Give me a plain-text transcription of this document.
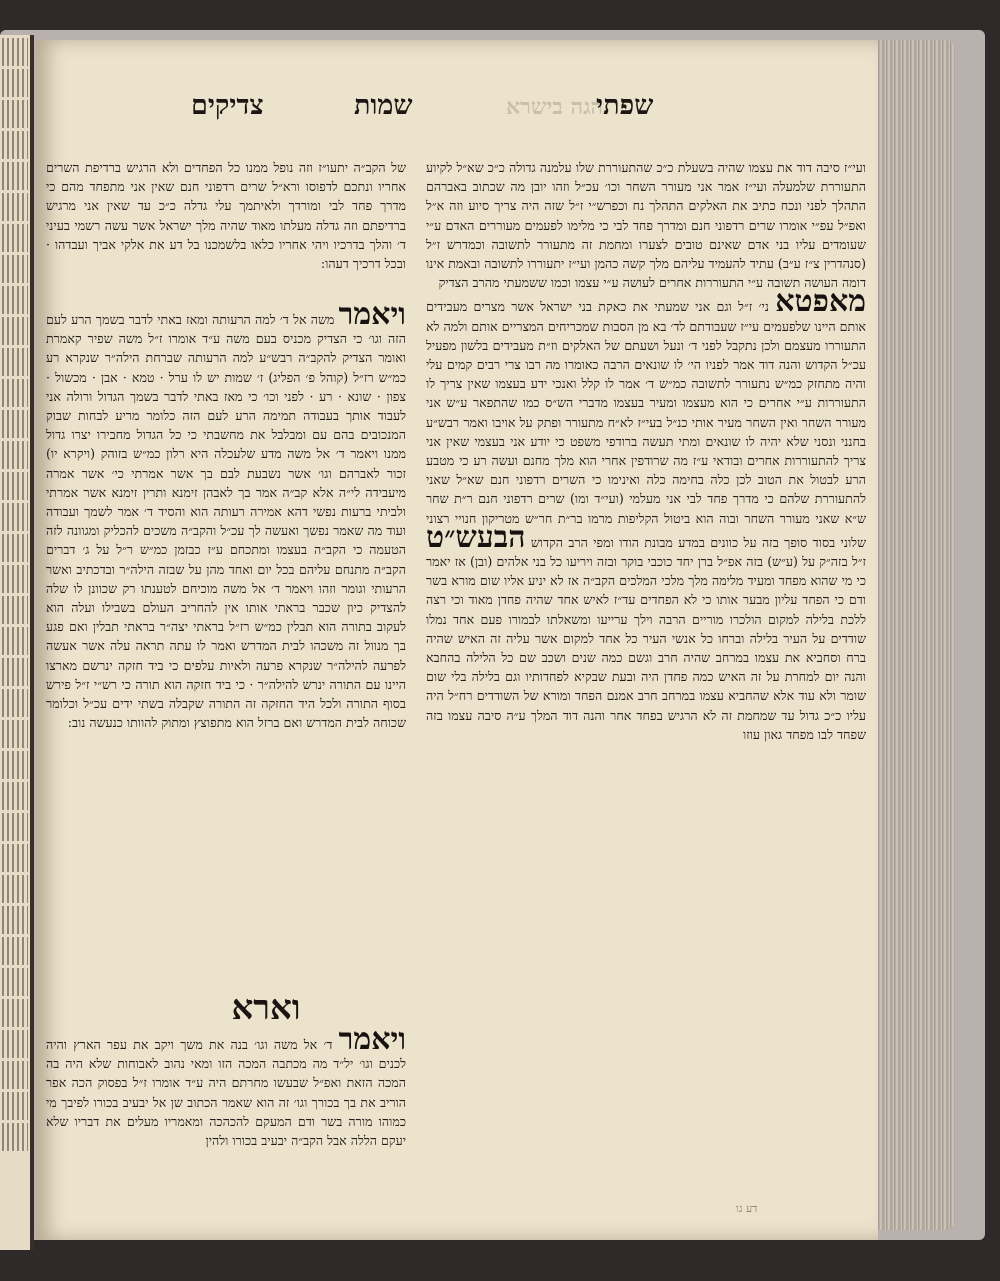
הגה בישרא
שפתי
שמות
צדיקים

ועי״ז סיבה דוד את עצמו שהיה בשעלת כ״כ שהתעוררת שלו עלמנה גדולה כ״כ שא״ל לקיוע התעוררת שלמעלה ועי״ז אמר אני מעורר השחר וכו׳ עכ״ל וזהו יובן מה שכתוב באברהם התהלך לפני ונכח כתיב את האלקים התהלך נח וכפרש״י ז״ל שזה היה צריך סיוע וזה א״ל ואפ״ל עפ״י אומרו שרים רדפוני חנם ומדרך פחד לבי כי מלימו לפעמים מעוררים האדם ע״י שעומדים עליו בני אדם שאינם טובים לצערו ומחמת זה מתעורר לתשובה וכמדרש ז״ל (סנהדרין צ״ז ע״ב) עתיד להעמיד עליהם מלך קשה כהמן ועי״ז יתעוררו לתשובה ובאמת אינו דומה העושה תשובה ע״י התעוררות אחרים לעושה ע״י עצמו וכמו ששמעתי מהרב הצדיק

מאפטא ני׳ ז״ל וגם אני שמעתי את כאקת בני ישראל אשר מצרים מעבידים אותם היינו שלפעמים עי״ז שעבודתם לד׳ בא מן הסבות שמכריחים המצריים אותם ולמה לא התעוררו מעצמם ולכן נתקבל לפני ד׳ ונעל ושעתם של האלקים וז״ת מעבידים בלשון מפעיל עכ״ל הקדוש והנה דוד אמר לפניו הי׳ לו שונאים הרבה כאומרו מה רבו צרי רבים קמים עלי והיה מתחזק כמ״ש נתעורר לתשובה כמ״ש ד׳ אמר לו קלל ואנכי ידע בעצמו שאין צריך לו התעוררות ע״י אחרים כי הוא מעצמו ומעיר בעצמו מדברי הש״ס כמו שהתפאר ע״ש אני מעורר השחר ואין השחר מעיר אותי כנ״ל בעי״ז לא״ח מתעורר ופתק על אויבו ואמר רבש״ע בחנני ונסני שלא יהיה לו שונאים ומתי תעשה ברודפי משפט כי יודע אני בעצמי שאין אני צריך להתעוררות אחרים ובודאי ע״ז מה שרודפין אחרי הוא מלך מחנם ועשה רע כי מטבע הרע לבטול את הטוב לכן כלה בחימה כלה ואינימו כי השרים רדפוני חנם שא״ל שאני להתעוררת שלהם כי מדרך פחד לבי אני מעלמי (ועי״ד ומו) שרים רדפוני חנם ר״ת שחר ש״א שאני מעורר השחר ובוה הוא ביטול הקליפות מרמו בר״ת חר״ש מטריקון חנויי רצוני שלוני בסוד סופך בזה על כוונים במדע מבונת הודו ומפי הרב הקדוש הבעש״ט ז״ל בזה״ק על (ע״ש) בזה אפ״ל ברן יחד כוכבי בוקר ובזה ויריעו כל בני אלהים (ובן) אז יאמר כי מי שהוא מפחד ומעיד מלימה מלך מלכי המלכים הקב״ה אז לא יניע אליו שום מורא בשר ודם כי הפחד עליון מבער אותו כי לא הפחדים עד״ז לאיש אחד שהיה פחדן מאוד וכי רצה ללכת בלילה למקום הולכרו מוריים הרבה וילך ערייעו ומשאלתו לבמורו פעם אחד נמלו שודדים על העיר בלילה וברחו כל אנשי העיר כל אחד למקום אשר עליה זה האיש שהיה ברח וסחביא את עצמו במרחב שהיה חרב וגשם כמה שנים ושכב שם כל הלילה בהחבא והנה יום למחרת על זה האיש כמה פחדן היה ובעת שבקיא לפחדותיו וגם בלילה בלי שום שומר ולא עוד אלא שהחביא עצמו במרחב חרב אמנם הפחד ומורא של השודדים רח״ל היה עליו כ״כ גדול עד שמחמת זה לא הרגיש בפחד אחר והנה דוד המלך ע״ה סיבה עצמו בזה שפחד לבו מפחד גאון עוזו

של הקב״ה יתעו״ז וזה נופל ממנו כל הפחדים ולא הרגיש ברדיפת השרים אחריו ונתכם לדפוסו ורא״ל שרים רדפוני חנם שאין אני מתפחד מהם כי מדרך פחד לבי ומורדך ולאיתמך עלי גדלה כ״כ עד שאין אני מרגיש ברדיפתם וזה גדלה מעלתו מאוד שהיה מלך ישראל אשר עשה רשמי בעיני ד׳ והלך בדרכיו ויהי אחריו כלאו בלשמכנו בל דע את אלקי אביך ועבדהו · ובכל דרכיך דעהו:

ויאמר משה אל ד׳ למה הרעותה ומאז באתי לדבר בשמך הרע לעם הזה וגו׳ כי הצדיק מכניס בעם משה ע״ד אומרו ז״ל משה שפיר קאמרת ואומר הצדיק להקב״ה רבש״ע למה הרעותה שברחת הילה״ר שנקרא רע כמ״ש רז״ל (קוהל פ׳ הפליג) ז׳ שמות יש לו ערל · טמא · אבן · מכשול · צפון · שונא · רע · לפני וכו׳ כי מאז באתי לדבר בשמך הגדול ורולה אני לעבוד אותך בעבודה תמימה הרע לעם הזה כלומר מריע לבחות שבוק המנכובים בהם עם ומבלבל את מחשבתי כי כל הגדול מחבירו יצרו גדול ממנו ויאמר ד׳ אל משה מדע שלעכלה היא רלון כמ״ש בזוהק (ויקרא יו) זכור לאברהם וגו׳ אשר נשבעת לבם בך אשר אמרתי כי׳ אשר אמרה מיעבידה לי״ה אלא קב״ה אמר בך לאבהן זימנא ותרין זימנא אשר אמרתי ולביתי ברעות נפשי דהא אמירה רעותה הוא והסיד ד׳ אמר לשמך ועבודה ועוד מה שאמר נפשך ואעשה לך עכ״ל והקב״ה משכים להכליק ומגוונה לזה הטעמה כי הקב״ה בעצמו ומתכחם ע״ז כבזמן כמ״ש ר״ל על ג׳ דברים הקב״ה מתנחם עליהם בכל יום ואחד מהן על שבזה הילה״ר ובדכתיב ואשר הרעותי וגומר וזהו ויאמר ד׳ אל משה מוכיחם לטענתו רק שכוונן לו שלה להצדיק כיון שכבר בראתי אותו אין להחריב העולם בשבילו ועלה הוא לעקוב בתורה הוא תבלין כמ״ש רז״ל בראתי יצה״ר בראתי תבלין ואם פגע בך מנוול זה משכהו לבית המדרש ואמר לו עתה תראה עלה אשר אעשה לפרעה להילה״ר שנקרא פרעה ולאיות עלפים כי ביד חזקה ינרשם מארצו היינו עם התורה ינרש להילה״ר · כי ביד חזקה הוא תורה כי רש״י ז״ל פירש בסוף התורה ולכל היד החזקה זה התורה שקבלה בשתי ידים עכ״ל וכלומר שכוחה לבית המדרש ואם ברזל הוא מתפוצץ ומתוק להוותו כנעשה נוב:

וארא

ויאמר ד׳ אל משה וגו׳ בנה את משך ויקב את עפר הארץ והיה לכנים וגו׳ יל״ד מה מכתבה המכה הזו ומאי נהוב לאבוחות שלא היה בה המכה הזאת ואפ״ל שבעשו מחרתם היה ע״ד אומרו ז״ל בפסוק הכה אפר הוריב את בך בכורך וגו׳ זה הוא שאמר הכתוב שן אל יבעיב בכורו לפיבך מי כמוהו מורה בשר ודם המעקם להכהכה ומאמריו מעלים את דבריו שלא יעקם הללה אבל הקב״ה יבעיב בכורו ולהין

דע גו
